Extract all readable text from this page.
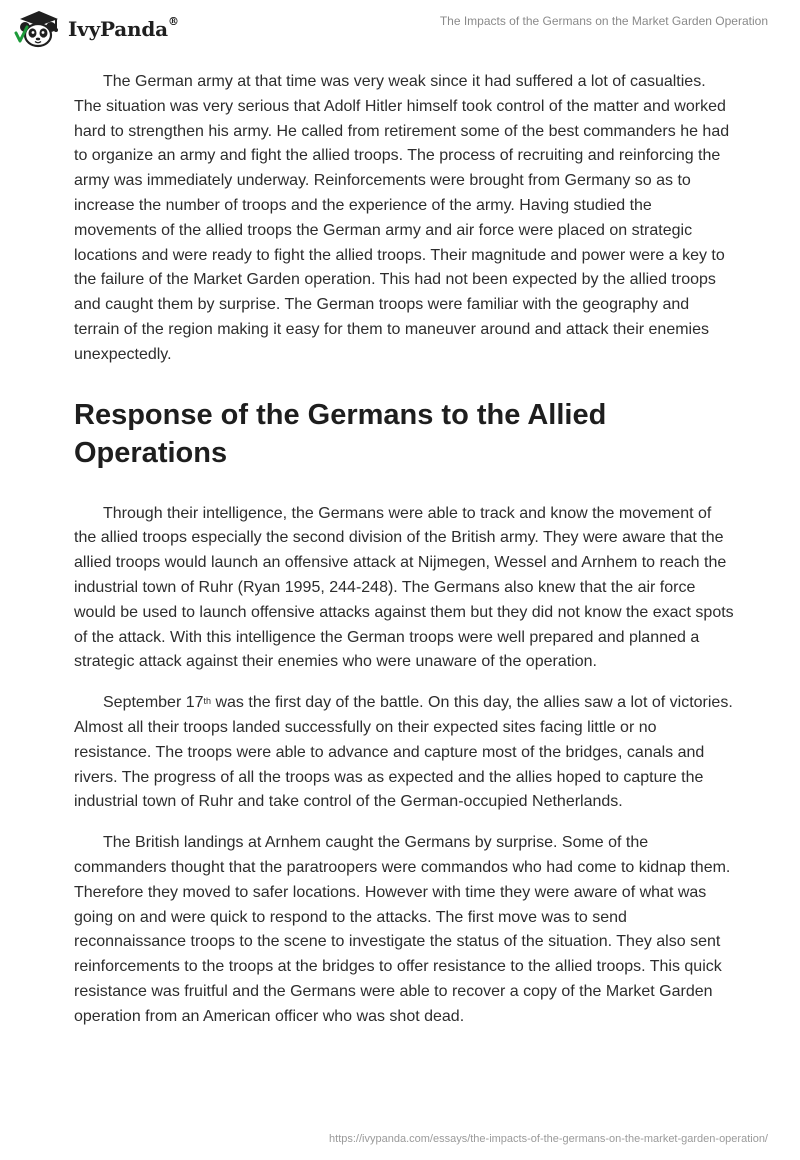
IvyPanda®	The Impacts of the Germans on the Market Garden Operation

The German army at that time was very weak since it had suffered a lot of casualties. The situation was very serious that Adolf Hitler himself took control of the matter and worked hard to strengthen his army. He called from retirement some of the best commanders he had to organize an army and fight the allied troops. The process of recruiting and reinforcing the army was immediately underway. Reinforcements were brought from Germany so as to increase the number of troops and the experience of the army. Having studied the movements of the allied troops the German army and air force were placed on strategic locations and were ready to fight the allied troops. Their magnitude and power were a key to the failure of the Market Garden operation. This had not been expected by the allied troops and caught them by surprise. The German troops were familiar with the geography and terrain of the region making it easy for them to maneuver around and attack their enemies unexpectedly.

Response of the Germans to the Allied Operations

Through their intelligence, the Germans were able to track and know the movement of the allied troops especially the second division of the British army. They were aware that the allied troops would launch an offensive attack at Nijmegen, Wessel and Arnhem to reach the industrial town of Ruhr (Ryan 1995, 244-248). The Germans also knew that the air force would be used to launch offensive attacks against them but they did not know the exact spots of the attack. With this intelligence the German troops were well prepared and planned a strategic attack against their enemies who were unaware of the operation.

September 17th was the first day of the battle. On this day, the allies saw a lot of victories. Almost all their troops landed successfully on their expected sites facing little or no resistance. The troops were able to advance and capture most of the bridges, canals and rivers. The progress of all the troops was as expected and the allies hoped to capture the industrial town of Ruhr and take control of the German-occupied Netherlands.

The British landings at Arnhem caught the Germans by surprise. Some of the commanders thought that the paratroopers were commandos who had come to kidnap them. Therefore they moved to safer locations. However with time they were aware of what was going on and were quick to respond to the attacks. The first move was to send reconnaissance troops to the scene to investigate the status of the situation. They also sent reinforcements to the troops at the bridges to offer resistance to the allied troops. This quick resistance was fruitful and the Germans were able to recover a copy of the Market Garden operation from an American officer who was shot dead.

https://ivypanda.com/essays/the-impacts-of-the-germans-on-the-market-garden-operation/
